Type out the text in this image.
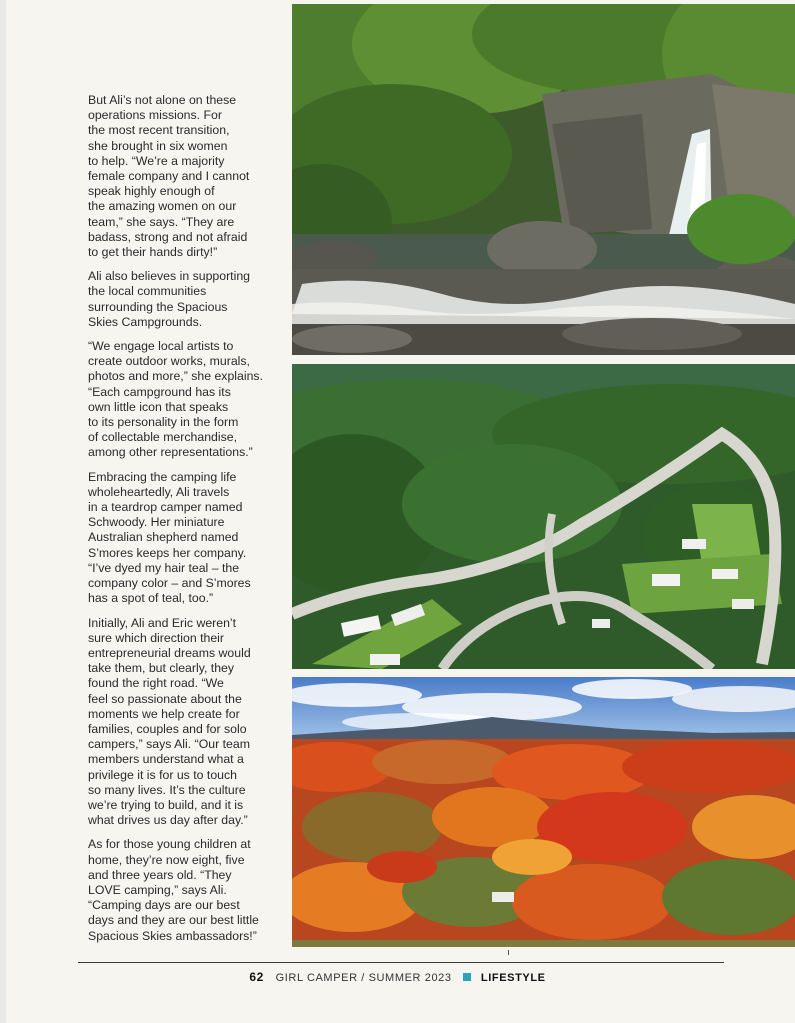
But Ali’s not alone on these
operations missions. For
the most recent transition,
she brought in six women
to help. “We’re a majority
female company and I cannot
speak highly enough of
the amazing women on our
team,” she says. “They are
badass, strong and not afraid
to get their hands dirty!”

Ali also believes in supporting
the local communities
surrounding the Spacious
Skies Campgrounds.

“We engage local artists to
create outdoor works, murals,
photos and more,” she explains.
“Each campground has its
own little icon that speaks
to its personality in the form
of collectable merchandise,
among other representations.”

Embracing the camping life
wholeheartedly, Ali travels
in a teardrop camper named
Schwoody. Her miniature
Australian shepherd named
S’mores keeps her company.
“I’ve dyed my hair teal – the
company color – and S’mores
has a spot of teal, too.”

Initially, Ali and Eric weren’t
sure which direction their
entrepreneurial dreams would
take them, but clearly, they
found the right road. “We
feel so passionate about the
moments we help create for
families, couples and for solo
campers,” says Ali. “Our team
members understand what a
privilege it is for us to touch
so many lives. It’s the culture
we’re trying to build, and it is
what drives us day after day.”

As for those young children at
home, they’re now eight, five
and three years old. “They
LOVE camping,” says Ali.
“Camping days are our best
days and they are our best little
Spacious Skies ambassadors!”

62 GIRL CAMPER / SUMMER 2023	LIFESTYLE
